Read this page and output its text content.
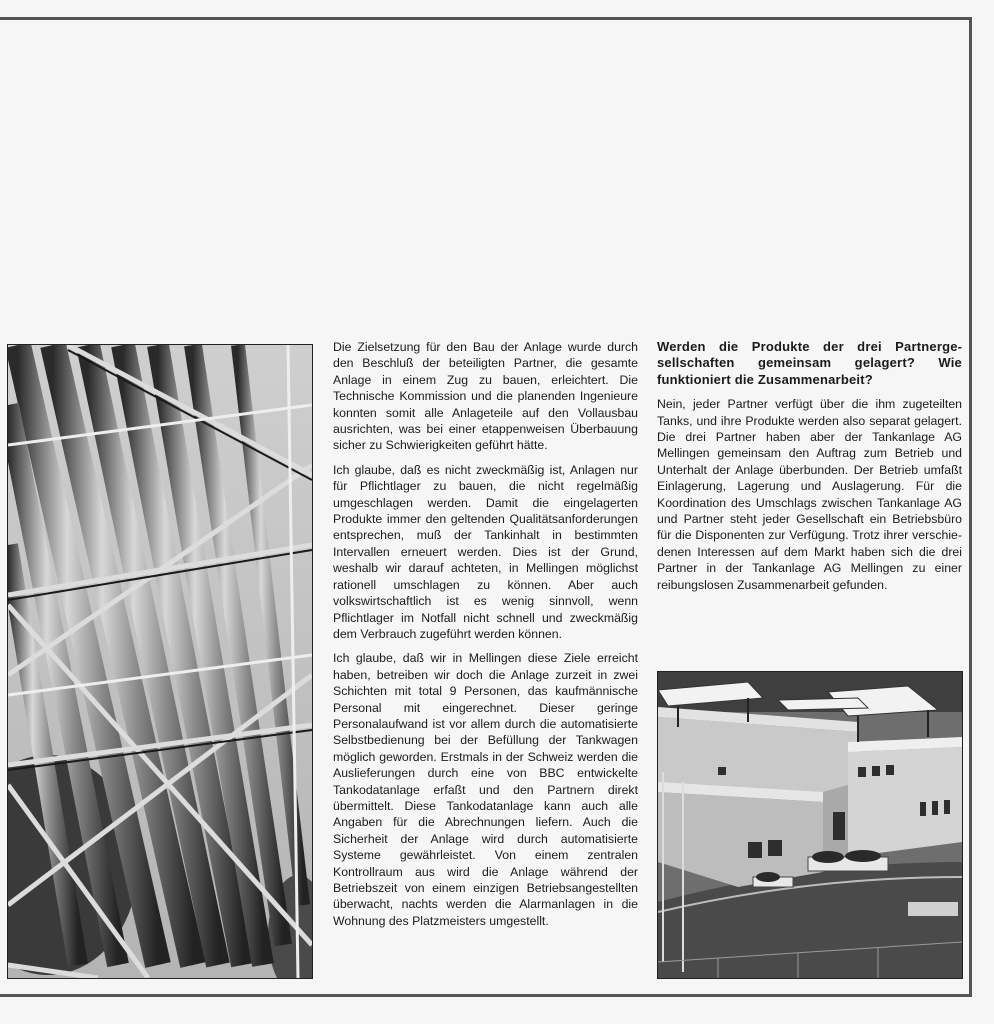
Die Zielsetzung für den Bau der Anlage wurde durch den Beschluß der beteiligten Partner, die gesamte Anlage in einem Zug zu bauen, erleichtert. Die Technische Kommission und die planenden Ingenieure konnten somit alle Anlageteile auf den Vollausbau ausrichten, was bei einer etappenweisen Überbauung sicher zu Schwierigkeiten geführt hätte.

Ich glaube, daß es nicht zweckmäßig ist, Anlagen nur für Pflichtlager zu bauen, die nicht regelmäßig umgeschlagen werden. Damit die eingelagerten Produkte immer den geltenden Qualitätsanforderungen entsprechen, muß der Tankinhalt in bestimmten Intervallen erneuert werden. Dies ist der Grund, weshalb wir darauf achteten, in Mellingen möglichst rationell umschlagen zu können. Aber auch volkswirtschaftlich ist es wenig sinnvoll, wenn Pflichtlager im Notfall nicht schnell und zweckmäßig dem Verbrauch zugeführt werden können.

Ich glaube, daß wir in Mellingen diese Ziele erreicht haben, betreiben wir doch die Anlage zurzeit in zwei Schichten mit total 9 Personen, das kaufmännische Personal mit eingerechnet. Dieser geringe Personalaufwand ist vor allem durch die automatisierte Selbstbedienung bei der Befüllung der Tankwagen möglich geworden. Erstmals in der Schweiz werden die Auslieferungen durch eine von BBC entwickelte Tankodatanlage erfaßt und den Partnern direkt übermittelt. Diese Tankodatanlage kann auch alle Angaben für die Abrechnungen liefern. Auch die Sicherheit der Anlage wird durch automatisierte Systeme gewährleistet. Von einem zentralen Kontrollraum aus wird die Anlage während der Betriebszeit von einem einzigen Betriebsangestellten überwacht, nachts werden die Alarmanlagen in die Wohnung des Platzmeisters umgestellt.

Werden die Produkte der drei Partnergesellschaften gemeinsam gelagert? Wie funktioniert die Zusammenarbeit?

Nein, jeder Partner verfügt über die ihm zugeteilten Tanks, und ihre Produkte werden also separat gelagert. Die drei Partner haben aber der Tankanlage AG Mellingen gemeinsam den Auftrag zum Betrieb und Unterhalt der Anlage überbunden. Der Betrieb umfaßt Einlagerung, Lagerung und Auslagerung. Für die Koordination des Umschlags zwischen Tankanlage AG und Partner steht jeder Gesellschaft ein Betriebsbüro für die Disponenten zur Verfügung. Trotz ihrer verschiedenen Interessen auf dem Markt haben sich die drei Partner in der Tankanlage AG Mellingen zu einer reibungslosen Zusammenarbeit gefunden.
